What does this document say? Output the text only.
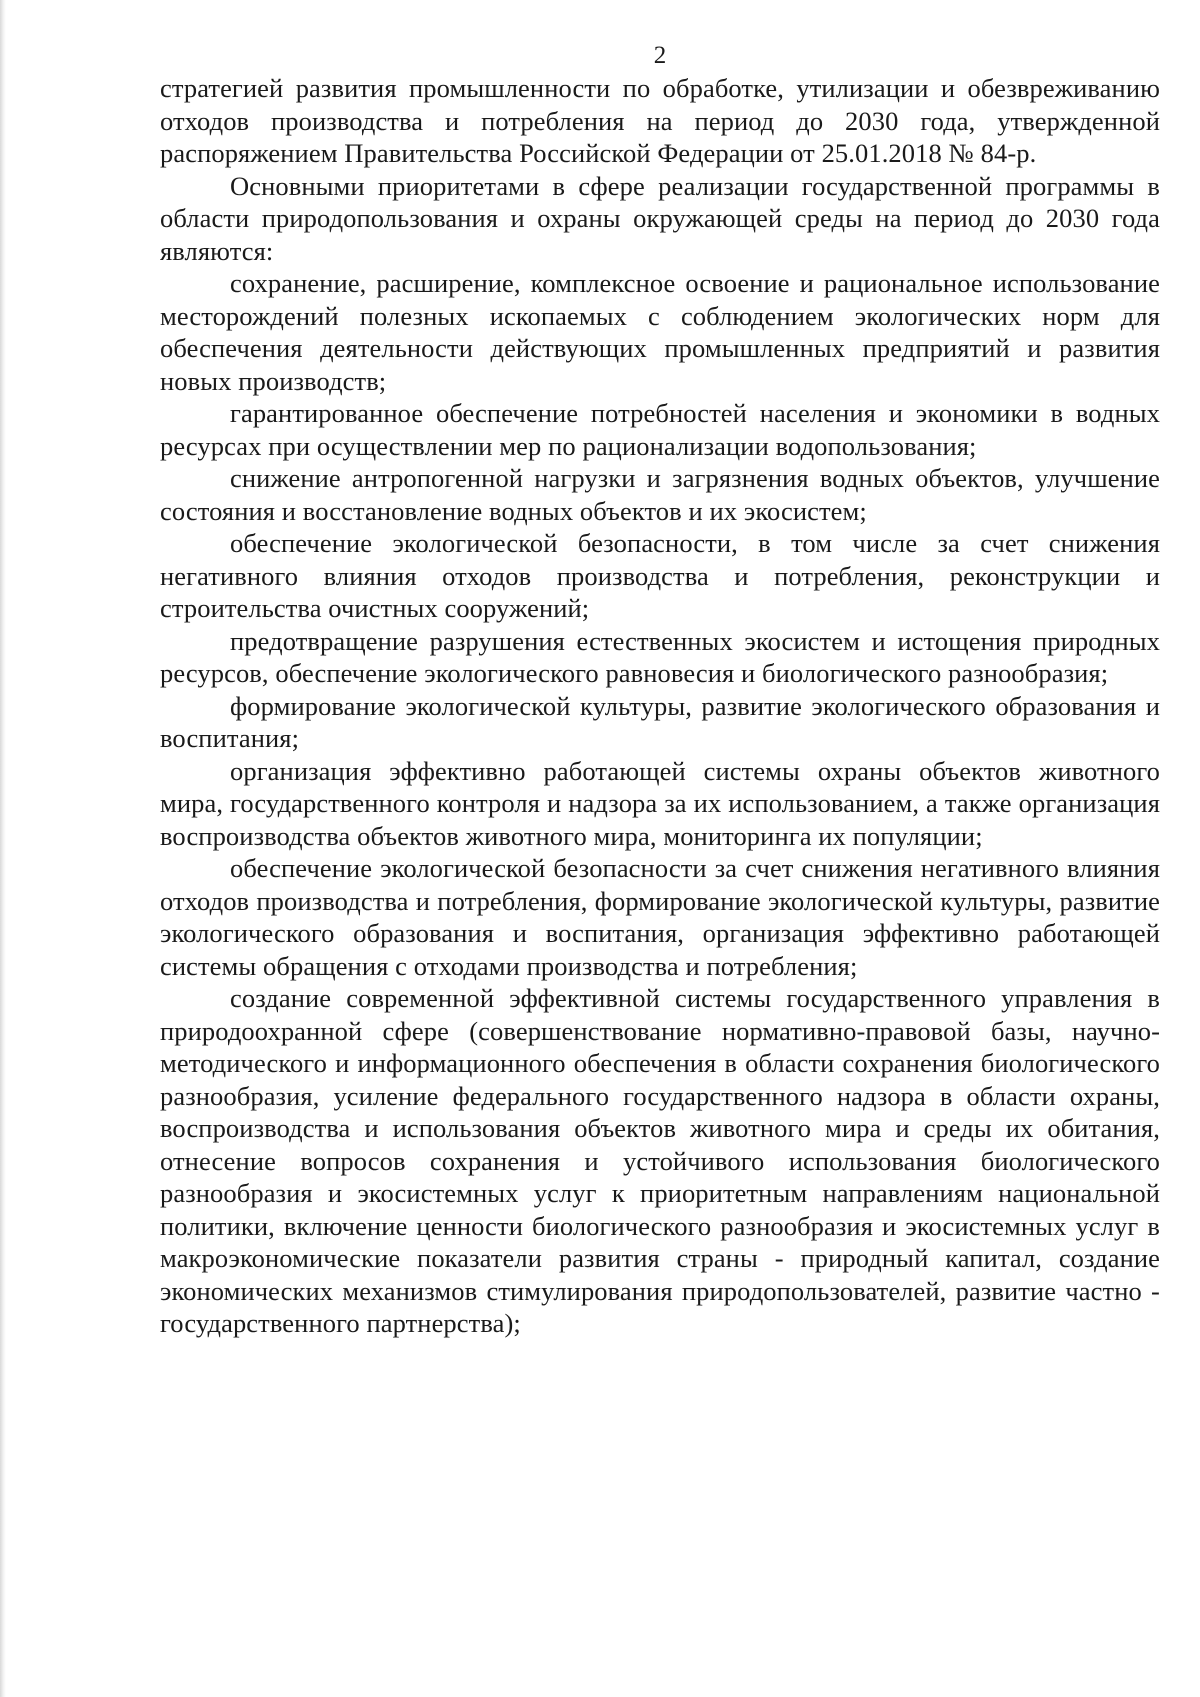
2

стратегией развития промышленности по обработке, утилизации и обезвреживанию отходов производства и потребления на период до 2030 года, утвержденной распоряжением Правительства Российской Федерации от 25.01.2018 № 84-р.

Основными приоритетами в сфере реализации государственной программы в области природопользования и охраны окружающей среды на период до 2030 года являются:

сохранение, расширение, комплексное освоение и рациональное использование месторождений полезных ископаемых с соблюдением экологических норм для обеспечения деятельности действующих промышленных предприятий и развития новых производств;

гарантированное обеспечение потребностей населения и экономики в водных ресурсах при осуществлении мер по рационализации водопользования;

снижение антропогенной нагрузки и загрязнения водных объектов, улучшение состояния и восстановление водных объектов и их экосистем;

обеспечение экологической безопасности, в том числе за счет снижения негативного влияния отходов производства и потребления, реконструкции и строительства очистных сооружений;

предотвращение разрушения естественных экосистем и истощения природных ресурсов, обеспечение экологического равновесия и биологического разнообразия;

формирование экологической культуры, развитие экологического образования и воспитания;

организация эффективно работающей системы охраны объектов животного мира, государственного контроля и надзора за их использованием, а также организация воспроизводства объектов животного мира, мониторинга их популяции;

обеспечение экологической безопасности за счет снижения негативного влияния отходов производства и потребления, формирование экологической культуры, развитие экологического образования и воспитания, организация эффективно работающей системы обращения с отходами производства и потребления;

создание современной эффективной системы государственного управления в природоохранной сфере (совершенствование нормативно-правовой базы, научно-методического и информационного обеспечения в области сохранения биологического разнообразия, усиление федерального государственного надзора в области охраны, воспроизводства и использования объектов животного мира и среды их обитания, отнесение вопросов сохранения и устойчивого использования биологического разнообразия и экосистемных услуг к приоритетным направлениям национальной политики, включение ценности биологического разнообразия и экосистемных услуг в макроэкономические показатели развития страны - природный капитал, создание экономических механизмов стимулирования природопользователей, развитие частно - государственного партнерства);
